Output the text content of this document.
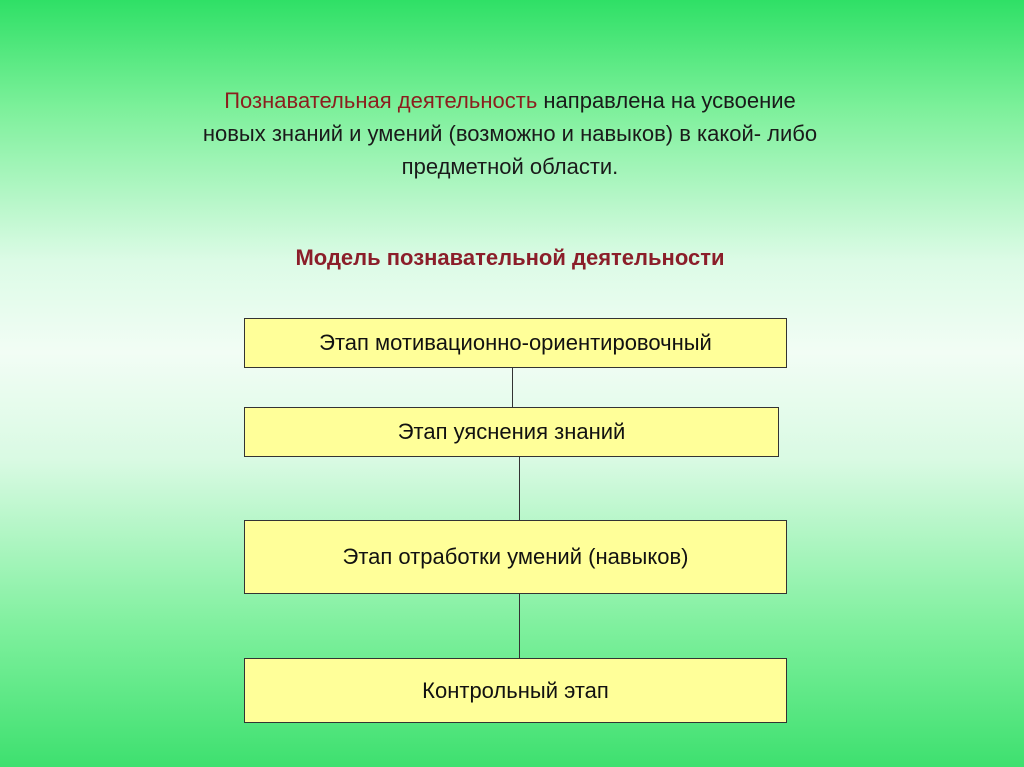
Познавательная деятельность направлена на усвоение
новых знаний и умений (возможно и навыков) в какой- либо
предметной области.
Модель познавательной деятельности
Этап мотивационно-ориентировочный
Этап уяснения знаний
Этап отработки умений (навыков)
Контрольный этап
